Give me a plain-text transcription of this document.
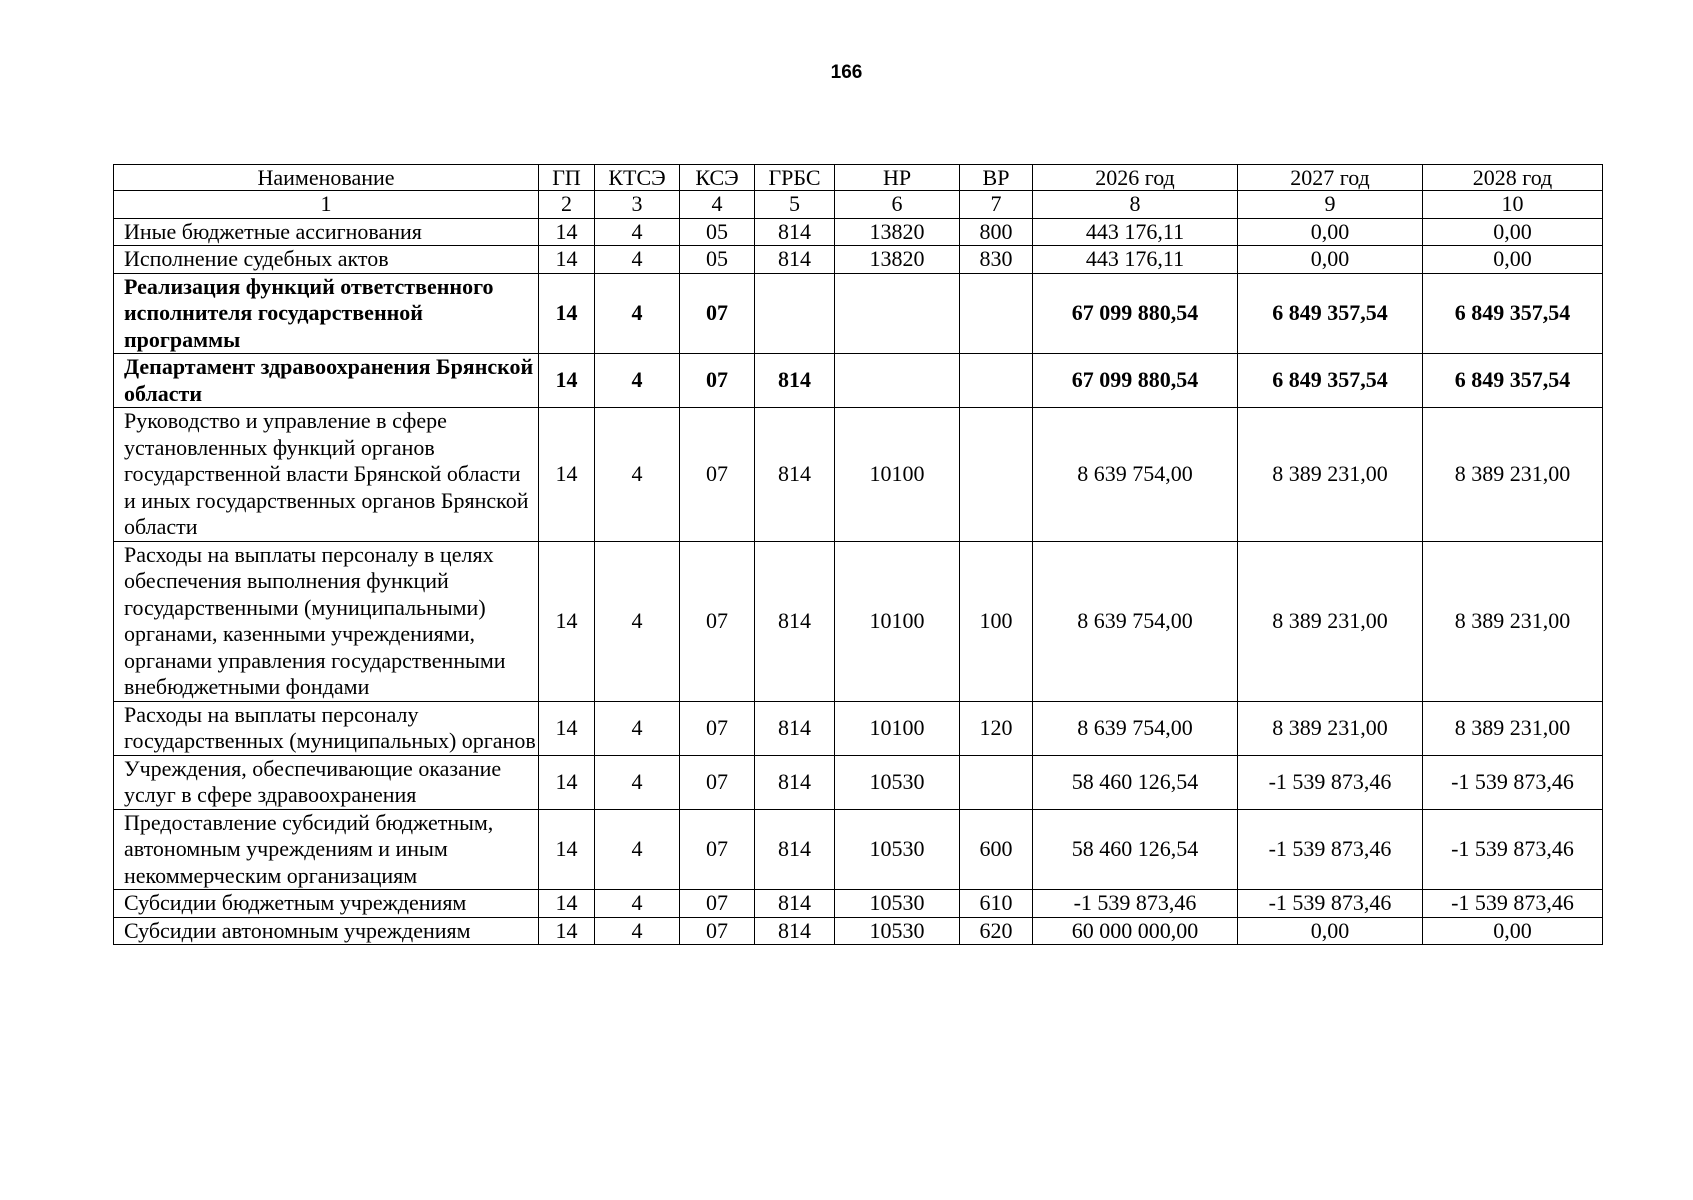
166
Наименование	ГП	КТСЭ	КСЭ	ГРБС	НР	ВР	2026 год	2027 год	2028 год
1	2	3	4	5	6	7	8	9	10
Иные бюджетные ассигнования	14	4	05	814	13820	800	443 176,11	0,00	0,00
Исполнение судебных актов	14	4	05	814	13820	830	443 176,11	0,00	0,00
Реализация функций ответственного исполнителя государственной программы	14	4	07				67 099 880,54	6 849 357,54	6 849 357,54
Департамент здравоохранения Брянской области	14	4	07	814			67 099 880,54	6 849 357,54	6 849 357,54
Руководство и управление в сфере установленных функций органов государственной власти Брянской области и иных государственных органов Брянской области	14	4	07	814	10100		8 639 754,00	8 389 231,00	8 389 231,00
Расходы на выплаты персоналу в целях обеспечения выполнения функций государственными (муниципальными) органами, казенными учреждениями, органами управления государственными внебюджетными фондами	14	4	07	814	10100	100	8 639 754,00	8 389 231,00	8 389 231,00
Расходы на выплаты персоналу государственных (муниципальных) органов	14	4	07	814	10100	120	8 639 754,00	8 389 231,00	8 389 231,00
Учреждения, обеспечивающие оказание услуг в сфере здравоохранения	14	4	07	814	10530		58 460 126,54	-1 539 873,46	-1 539 873,46
Предоставление субсидий бюджетным, автономным учреждениям и иным некоммерческим организациям	14	4	07	814	10530	600	58 460 126,54	-1 539 873,46	-1 539 873,46
Субсидии бюджетным учреждениям	14	4	07	814	10530	610	-1 539 873,46	-1 539 873,46	-1 539 873,46
Субсидии автономным учреждениям	14	4	07	814	10530	620	60 000 000,00	0,00	0,00
